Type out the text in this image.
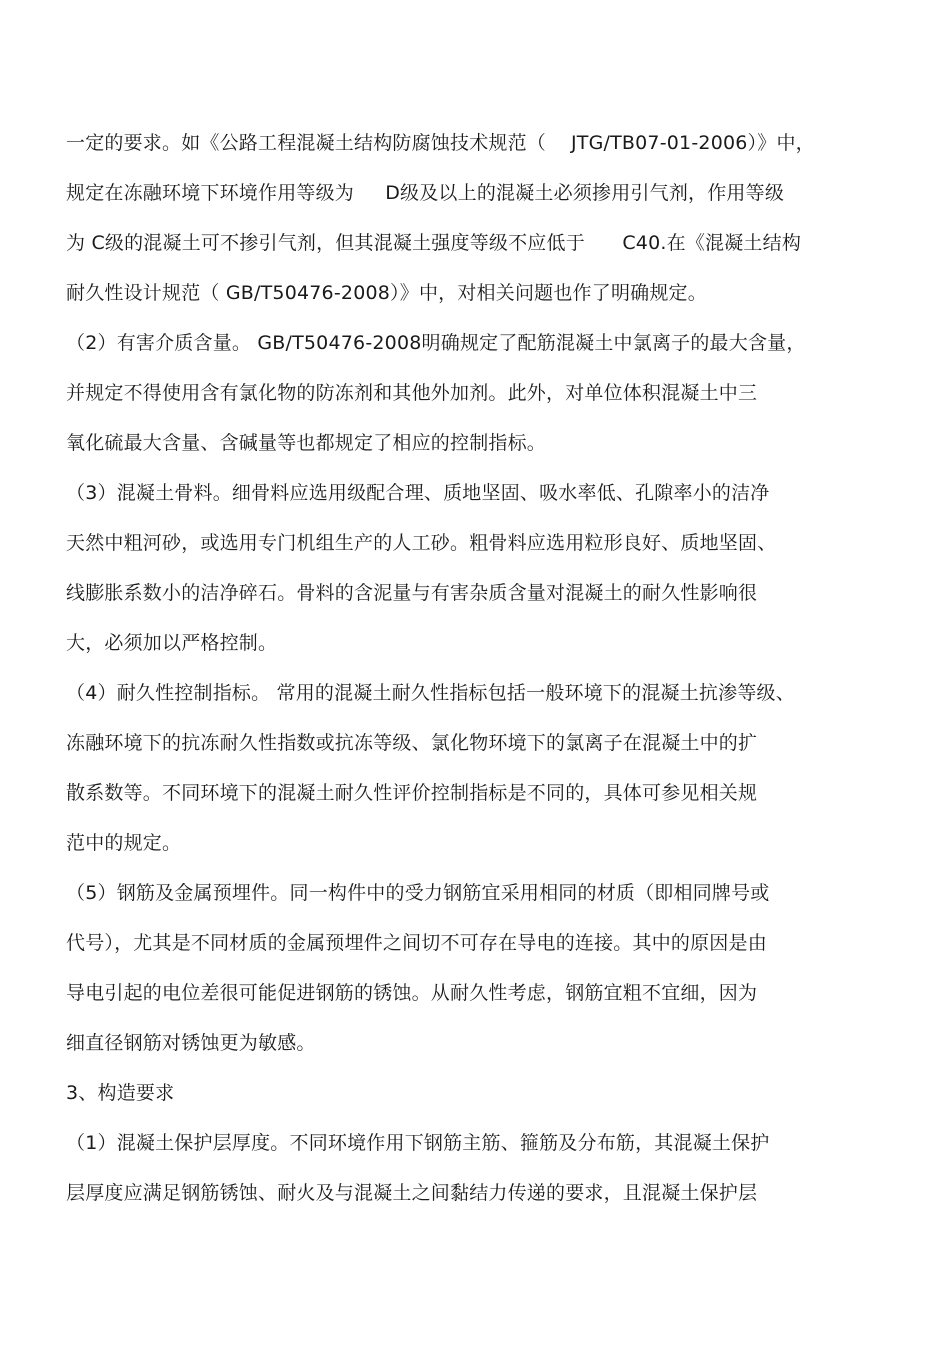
一定的要求。如《公路工程混凝土结构防腐蚀技术规范（    JTG/TB07-01-2006）》中，
规定在冻融环境下环境作用等级为     D级及以上的混凝土必须掺用引气剂，作用等级
为 C级的混凝土可不掺引气剂，但其混凝土强度等级不应低于      C40.在《混凝土结构
耐久性设计规范（ GB/T50476-2008）》中，对相关问题也作了明确规定。
（2）有害介质含量。 GB/T50476-2008明确规定了配筋混凝土中氯离子的最大含量，
并规定不得使用含有氯化物的防冻剂和其他外加剂。此外，对单位体积混凝土中三
氧化硫最大含量、含碱量等也都规定了相应的控制指标。
（3）混凝土骨料。细骨料应选用级配合理、质地坚固、吸水率低、孔隙率小的洁净
天然中粗河砂，或选用专门机组生产的人工砂。粗骨料应选用粒形良好、质地坚固、
线膨胀系数小的洁净碎石。骨料的含泥量与有害杂质含量对混凝土的耐久性影响很
大，必须加以严格控制。
（4）耐久性控制指标。 常用的混凝土耐久性指标包括一般环境下的混凝土抗渗等级、
冻融环境下的抗冻耐久性指数或抗冻等级、氯化物环境下的氯离子在混凝土中的扩
散系数等。不同环境下的混凝土耐久性评价控制指标是不同的，具体可参见相关规
范中的规定。
（5）钢筋及金属预埋件。同一构件中的受力钢筋宜采用相同的材质（即相同牌号或
代号），尤其是不同材质的金属预埋件之间切不可存在导电的连接。其中的原因是由
导电引起的电位差很可能促进钢筋的锈蚀。从耐久性考虑，钢筋宜粗不宜细，因为
细直径钢筋对锈蚀更为敏感。
3、构造要求
（1）混凝土保护层厚度。不同环境作用下钢筋主筋、箍筋及分布筋，其混凝土保护
层厚度应满足钢筋锈蚀、耐火及与混凝土之间黏结力传递的要求，且混凝土保护层
